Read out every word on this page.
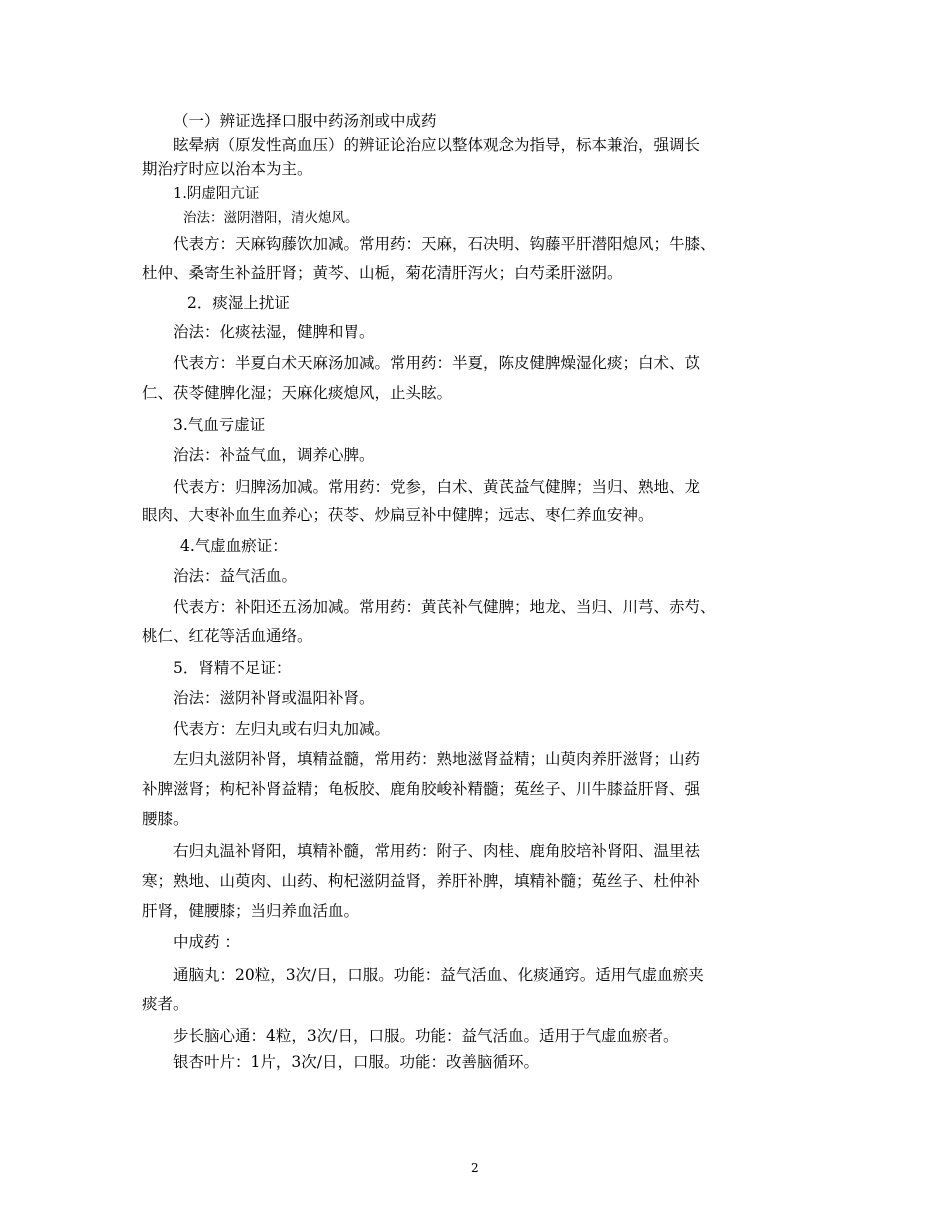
（一）辨证选择口服中药汤剂或中成药
眩晕病（原发性高血压）的辨证论治应以整体观念为指导，标本兼治，强调长
期治疗时应以治本为主。
1.阴虚阳亢证
治法：滋阴潜阳，清火熄风。
代表方：天麻钩藤饮加减。常用药：天麻，石决明、钩藤平肝潜阳熄风；牛膝、
杜仲、桑寄生补益肝肾；黄芩、山栀，菊花清肝泻火；白芍柔肝滋阴。
2．痰湿上扰证
治法：化痰祛湿，健脾和胃。
代表方：半夏白术天麻汤加减。常用药：半夏，陈皮健脾燥湿化痰；白术、苡
仁、茯苓健脾化湿；天麻化痰熄风，止头眩。
3.气血亏虚证
治法：补益气血，调养心脾。
代表方：归脾汤加减。常用药：党参，白术、黄芪益气健脾；当归、熟地、龙
眼肉、大枣补血生血养心；茯苓、炒扁豆补中健脾；远志、枣仁养血安神。
4.气虚血瘀证：
治法：益气活血。
代表方：补阳还五汤加减。常用药：黄芪补气健脾；地龙、当归、川芎、赤芍、
桃仁、红花等活血通络。
5．肾精不足证：
治法：滋阴补肾或温阳补肾。
代表方：左归丸或右归丸加减。
左归丸滋阴补肾，填精益髓，常用药：熟地滋肾益精；山萸肉养肝滋肾；山药
补脾滋肾；枸杞补肾益精；龟板胶、鹿角胶峻补精髓；菟丝子、川牛膝益肝肾、强
腰膝。
右归丸温补肾阳，填精补髓，常用药：附子、肉桂、鹿角胶培补肾阳、温里祛
寒；熟地、山萸肉、山药、枸杞滋阴益肾，养肝补脾，填精补髓；菟丝子、杜仲补
肝肾，健腰膝；当归养血活血。
中成药 ：
通脑丸：20粒，3次/日，口服。功能：益气活血、化痰通窍。适用气虚血瘀夹
痰者。
步长脑心通：4粒，3次/日，口服。功能：益气活血。适用于气虚血瘀者。
银杏叶片：1片，3次/日，口服。功能：改善脑循环。
2
